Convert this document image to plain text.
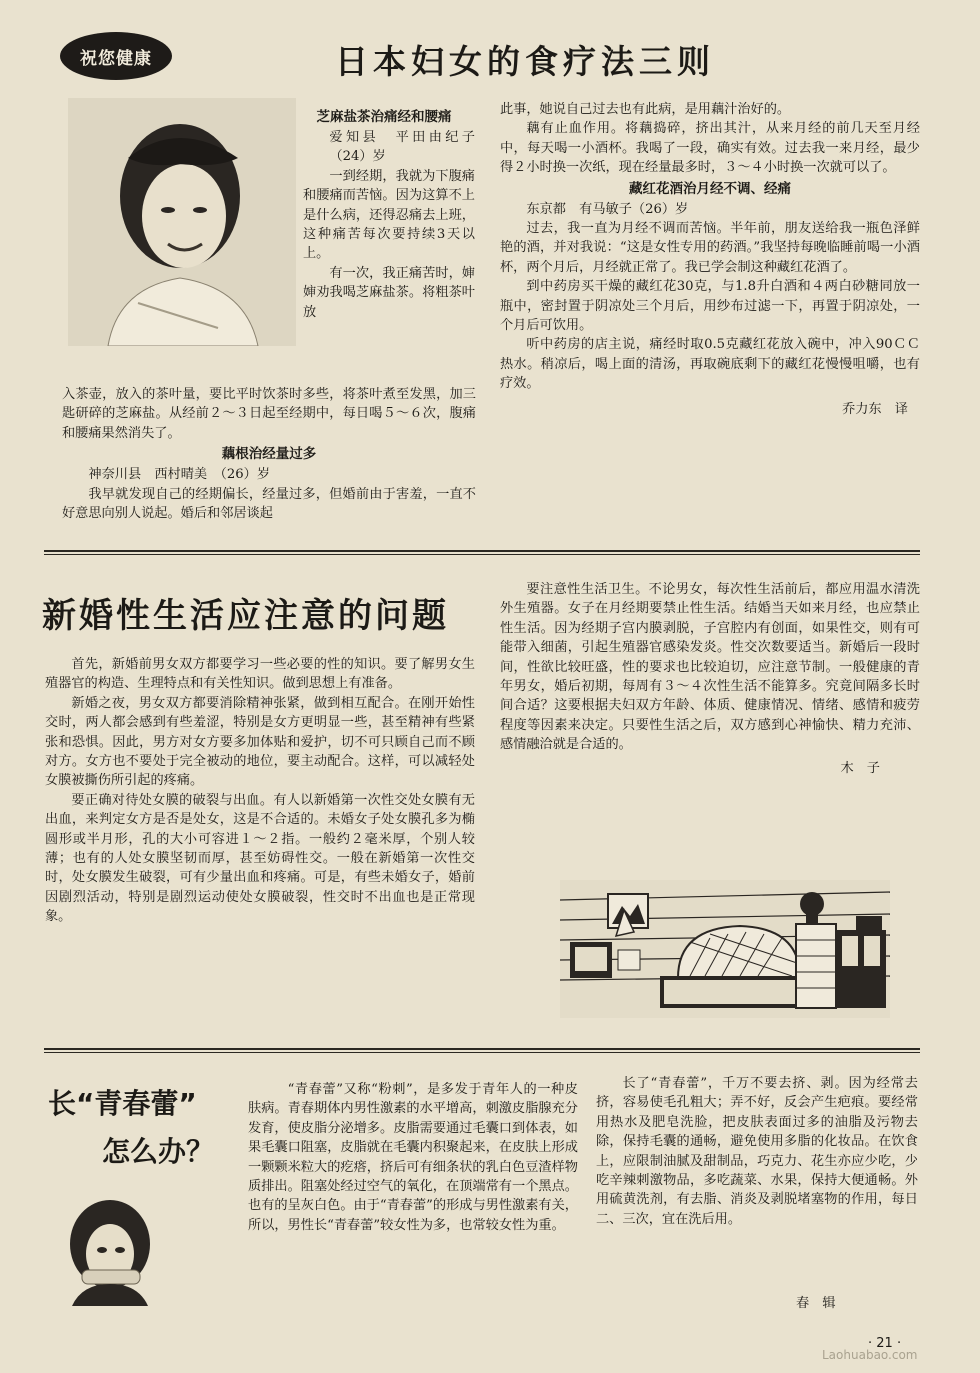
祝您健康	日本妇女的食疗法三则
芝麻盐茶治痛经和腰痛

爱知县　平田由纪子（24）岁

一到经期，我就为下腹痛和腰痛而苦恼。因为这算不上是什么病，还得忍痛去上班，这种痛苦每次要持续3天以上。

有一次，我正痛苦时，婶婶劝我喝芝麻盐茶。将粗茶叶放

入茶壶，放入的茶叶量，要比平时饮茶时多些，将茶叶煮至发黑，加三匙研碎的芝麻盐。从经前２～３日起至经期中，每日喝５～６次，腹痛和腰痛果然消失了。

藕根治经量过多

神奈川县　西村晴美　（26）岁

我早就发现自己的经期偏长，经量过多，但婚前由于害羞，一直不好意思向别人说起。婚后和邻居谈起

此事，她说自己过去也有此病，是用藕汁治好的。

藕有止血作用。将藕捣碎，挤出其汁，从来月经的前几天至月经中，每天喝一小酒杯。我喝了一段，确实有效。过去我一来月经，最少得２小时换一次纸，现在经量最多时，３～４小时换一次就可以了。

藏红花酒治月经不调、经痛

东京都　有马敏子（26）岁

过去，我一直为月经不调而苦恼。半年前，朋友送给我一瓶色泽鲜艳的酒，并对我说：“这是女性专用的药酒。”我坚持每晚临睡前喝一小酒杯，两个月后，月经就正常了。我已学会制这种藏红花酒了。

到中药房买干燥的藏红花30克，与1.8升白酒和４两白砂糖同放一瓶中，密封置于阴凉处三个月后，用纱布过滤一下，再置于阴凉处，一个月后可饮用。

听中药房的店主说，痛经时取0.5克藏红花放入碗中，冲入90ＣＣ热水。稍凉后，喝上面的清汤，再取碗底剩下的藏红花慢慢咀嚼，也有疗效。

乔力东　译

新婚性生活应注意的问题

首先，新婚前男女双方都要学习一些必要的性的知识。要了解男女生殖器官的构造、生理特点和有关性知识。做到思想上有准备。

新婚之夜，男女双方都要消除精神张紧，做到相互配合。在刚开始性交时，两人都会感到有些羞涩，特别是女方更明显一些，甚至精神有些紧张和恐惧。因此，男方对女方要多加体贴和爱护，切不可只顾自己而不顾对方。女方也不要处于完全被动的地位，要主动配合。这样，可以减轻处女膜被撕伤所引起的疼痛。

要正确对待处女膜的破裂与出血。有人以新婚第一次性交处女膜有无出血，来判定女方是否是处女，这是不合适的。未婚女子处女膜孔多为椭圆形或半月形，孔的大小可容进１～２指。一般约２毫米厚，个别人较薄；也有的人处女膜坚韧而厚，甚至妨碍性交。一般在新婚第一次性交时，处女膜发生破裂，可有少量出血和疼痛。可是，有些未婚女子，婚前因剧烈活动，特别是剧烈运动使处女膜破裂，性交时不出血也是正常现象。

要注意性生活卫生。不论男女，每次性生活前后，都应用温水清洗外生殖器。女子在月经期要禁止性生活。结婚当天如来月经，也应禁止性生活。因为经期子宫内膜剥脱，子宫腔内有创面，如果性交，则有可能带入细菌，引起生殖器官感染发炎。性交次数要适当。新婚后一段时间，性欲比较旺盛，性的要求也比较迫切，应注意节制。一般健康的青年男女，婚后初期，每周有３～４次性生活不能算多。究竟间隔多长时间合适？这要根据夫妇双方年龄、体质、健康情况、情绪、感情和疲劳程度等因素来决定。只要性生活之后，双方感到心神愉快、精力充沛、感情融洽就是合适的。

木　子

长“青春蕾”
怎么办？

“青春蕾”又称“粉刺”，是多发于青年人的一种皮肤病。青春期体内男性激素的水平增高，刺激皮脂腺充分发育，使皮脂分泌增多。皮脂需要通过毛囊口到体表，如果毛囊口阻塞，皮脂就在毛囊内积聚起来，在皮肤上形成一颗颗米粒大的疙瘩，挤后可有细条状的乳白色豆渣样物质排出。阻塞处经过空气的氧化，在顶端常有一个黑点。也有的呈灰白色。由于“青春蕾”的形成与男性激素有关，所以，男性长“青春蕾”较女性为多，也常较女性为重。

长了“青春蕾”，千万不要去挤、剥。因为经常去挤，容易使毛孔粗大；弄不好，反会产生疤痕。要经常用热水及肥皂洗脸，把皮肤表面过多的油脂及污物去除，保持毛囊的通畅，避免使用多脂的化妆品。在饮食上，应限制油腻及甜制品，巧克力、花生亦应少吃，少吃辛辣刺激物品，多吃蔬菜、水果，保持大便通畅。外用硫黄洗剂，有去脂、消炎及剥脱堵塞物的作用，每日二、三次，宜在洗后用。

春　辑
· 21 ·
Laohuabao.com
